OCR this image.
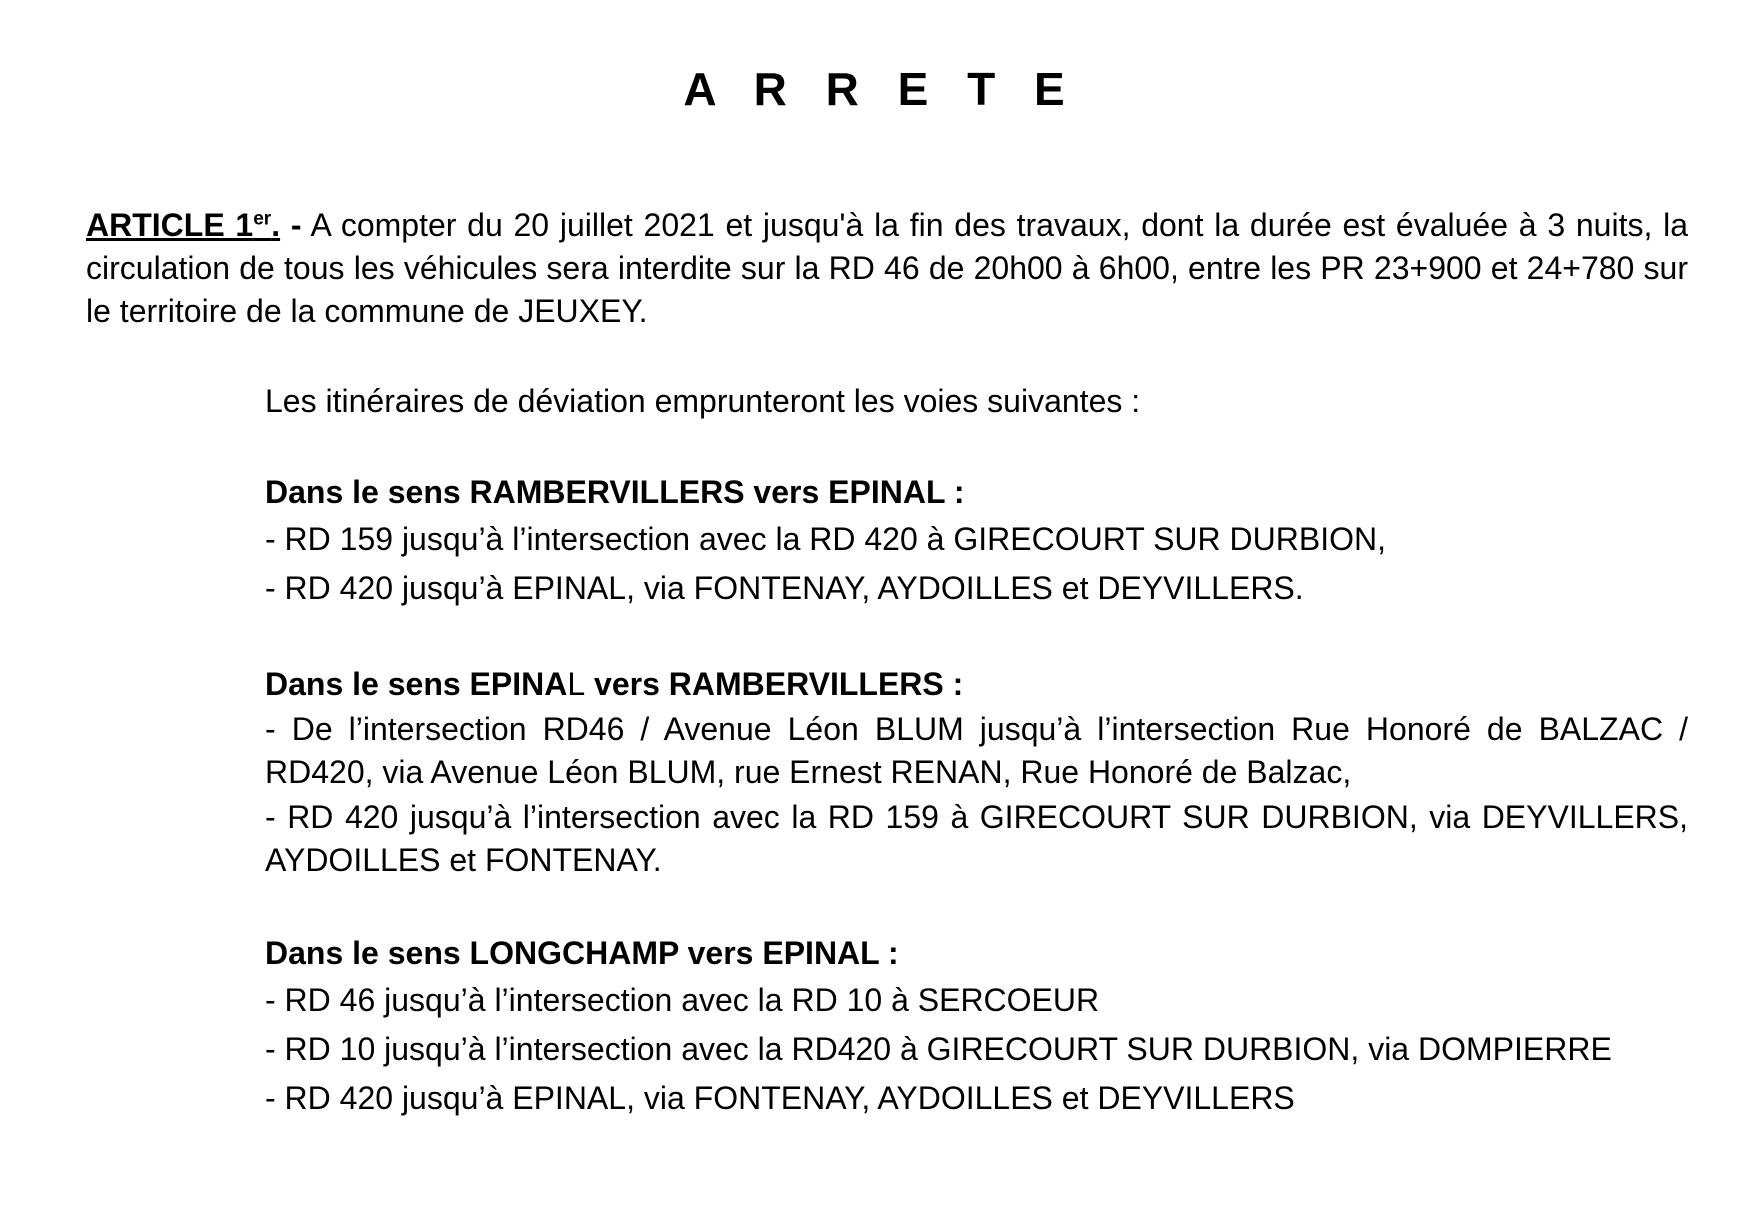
A R R E T E
ARTICLE 1er. - A compter du 20 juillet 2021 et jusqu'à la fin des travaux, dont la durée est évaluée à 3 nuits, la circulation de tous les véhicules sera interdite sur la RD 46 de 20h00 à 6h00, entre les PR 23+900 et 24+780 sur le territoire de la commune de JEUXEY.
Les itinéraires de déviation emprunteront les voies suivantes :

Dans le sens RAMBERVILLERS vers EPINAL :

- RD 159 jusqu’à l’intersection avec la RD 420 à GIRECOURT SUR DURBION,

- RD 420 jusqu’à EPINAL, via FONTENAY, AYDOILLES et DEYVILLERS.

Dans le sens EPINAL vers RAMBERVILLERS :

- De l’intersection RD46 / Avenue Léon BLUM jusqu’à l’intersection Rue Honoré de BALZAC / RD420, via Avenue Léon BLUM, rue Ernest RENAN, Rue Honoré de Balzac,

- RD 420 jusqu’à l’intersection avec la RD 159 à GIRECOURT SUR DURBION, via DEYVILLERS, AYDOILLES et FONTENAY.

Dans le sens LONGCHAMP vers EPINAL :

- RD 46 jusqu’à l’intersection avec la RD 10 à SERCOEUR

- RD 10 jusqu’à l’intersection avec la RD420 à GIRECOURT SUR DURBION, via DOMPIERRE

- RD 420 jusqu’à EPINAL, via FONTENAY, AYDOILLES et DEYVILLERS
